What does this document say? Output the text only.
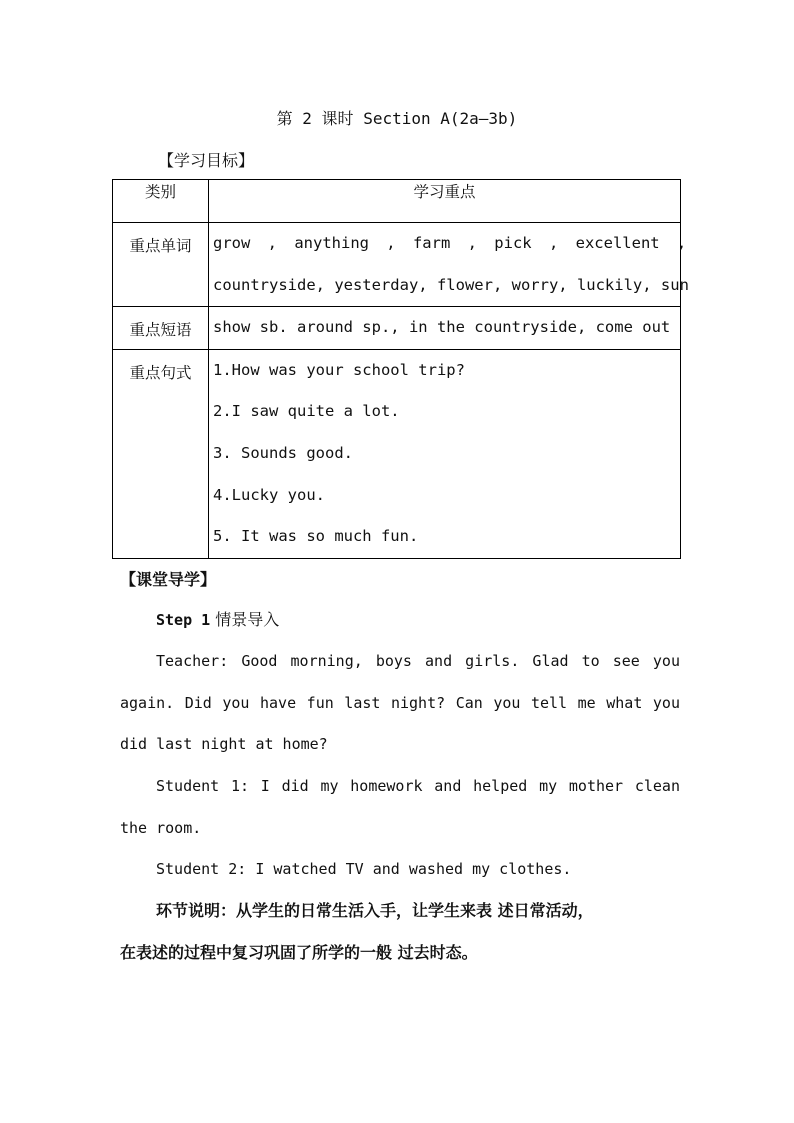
第 2 课时 Section A(2a—3b)
【学习目标】
类别	学习重点
重点单词	grow , anything , farm , pick , excellent ,
countryside, yesterday, flower, worry, luckily, sun

重点短语	show sb. around sp., in the countryside, come out

重点句式	1.How was your school trip?
2.I saw quite a lot.
3. Sounds good.
4.Lucky you.
5. It was so much fun.
【课堂导学】
Step 1 情景导入
Teacher: Good morning, boys and girls. Glad to see you again. Did you have fun last night? Can you tell me what you did last night at home?
Student 1: I did my homework and helped my mother clean the room.
Student 2: I watched TV and washed my clothes.
环节说明：从学生的日常生活入手，让学生来表 述日常活动，
在表述的过程中复习巩固了所学的一般 过去时态。
